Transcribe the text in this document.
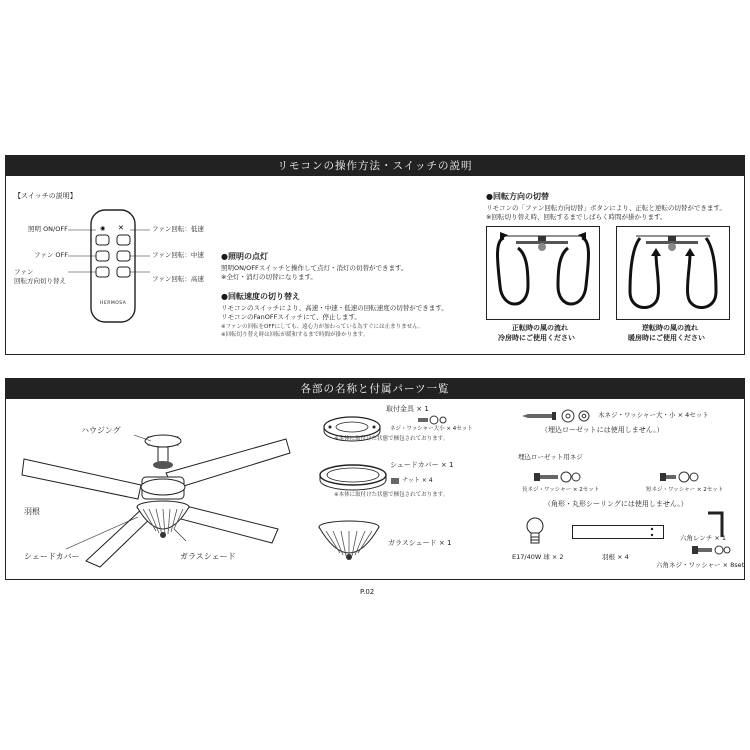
リモコンの操作方法・スイッチの説明
【スイッチの説明】
◉ ✕
HERMOSA
照明 ON/OFF
ファン OFF
ファン
回転方向切り替え
ファン回転：低速
ファン回転：中速
ファン回転：高速
●照明の点灯
照明ON/OFFスイッチと操作して点灯・消灯の切替ができます。
※全灯・消灯の切替になります。
●回転速度の切り替え
リモコンのスイッチにより、高速・中速・低速の回転速度の切替ができます。
リモコンのFanOFFスイッチにて、停止します。
※ファンの回転をOFFにしても、遠心力が加わっている為すぐには止まりません。
※回転切り替え時は回転が緩和するまで時間が掛かります。
●回転方向の切替
リモコンの「ファン回転方向切替」ボタンにより、正転と逆転の切替ができます。
※回転切り替え時、回転するまでしばらく時間が掛かります。
正転時の風の流れ
冷房時にご使用ください
逆転時の風の流れ
暖房時にご使用ください
各部の名称と付属パーツ一覧
ハウジング
羽根
シェードカバー	ガラスシェード
取付金具 × 1
ネジ・ワッシャー大小 × 4セット
※本体に取付けた状態で梱包されております。
シェードカバー × 1
ナット × 4
※本体に取付けた状態で梱包されております。
ガラスシェード × 1
木ネジ・ワッシャー大・小 × 4セット
（埋込ローゼットには使用しません。）
埋込ローゼット用ネジ
長ネジ・ワッシャー × 2セット	短ネジ・ワッシャー × 2セット
（角形・丸形シーリングには使用しません。）
E17/40W 球 × 2	羽根 × 4
六角レンチ × 1
六角ネジ・ワッシャー × 8set
P.02
